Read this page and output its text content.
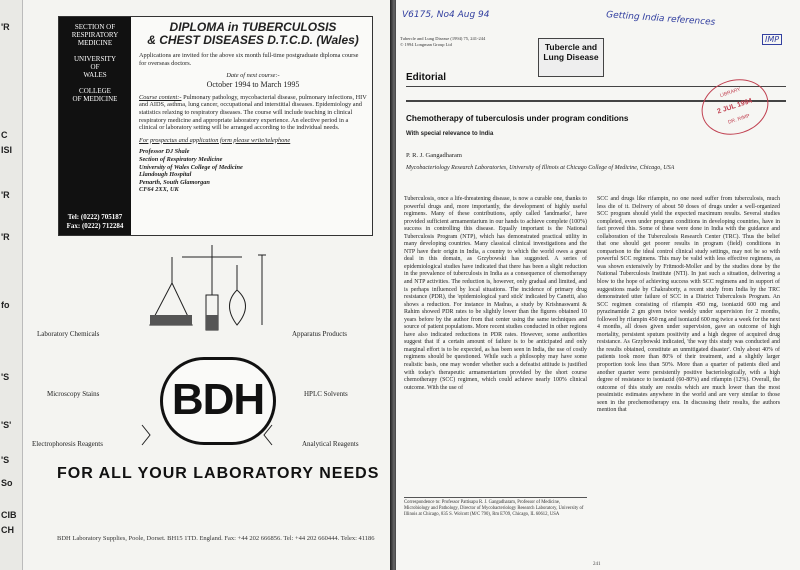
'R
C
ISI
'R
'R
fo
'S
'S'
'S
So
CIB
CH
SECTION OF
RESPIRATORY
MEDICINE
UNIVERSITY
OF
WALES
COLLEGE
OF MEDICINE
Tel: (0222) 705187
Fax: (0222) 712284
DIPLOMA in TUBERCULOSIS
& CHEST DISEASES D.T.C.D. (Wales)
Applications are invited for the above six month full-time postgraduate diploma course for overseas doctors.
Date of next course:-
October 1994 to March 1995
Course content:- Pulmonary pathology, mycobacterial disease, pulmonary infections, HIV and AIDS, asthma, lung cancer, occupational and interstitial diseases. Epidemiology and statistics relaxing to respiratory diseases. The course will include teaching in clinical respiratory medicine and appropriate laboratory experience. An elective period in a clinical or laboratory setting will be arranged according to the individual needs.
For prospectus and application form please write/telephone
Professor DJ Shale
Section of Respiratory Medicine
University of Wales College of Medicine
Llandough Hospital
Penarth, South Glamorgan
CF64 2XX, UK
Laboratory Chemicals	Apparatus Products
Microscopy Stains	HPLC Solvents
Electrophoresis Reagents	Analytical Reagents
BDH
FOR ALL YOUR LABORATORY NEEDS
BDH Laboratory Supplies, Poole, Dorset. BH15 1TD. England. Fax: +44 202 666856. Tel: +44 202 660444. Telex: 41186
V6175, No4 Aug 94	Getting India references
IMP
Tubercle and Lung Disease (1994) 75, 241-244
© 1994 Longman Group Ltd	Tubercle and
Lung Disease
Editorial
LIBRARY
2 JUL 1994
DR. RIMP
Chemotherapy of tuberculosis under program conditions
With special relevance to India
P. R. J. Gangadharam
Mycobacteriology Research Laboratories, University of Illinois at Chicago College of Medicine, Chicago, USA
Tuberculosis, once a life-threatening disease, is now a curable one, thanks to powerful drugs and, more importantly, the development of highly useful regimens. Many of these contributions, aptly called 'landmarks', have provided sufficient armamentarium in our hands to achieve complete (100%) success in controlling this disease. Equally important is the National Tuberculosis Program (NTP), which has demonstrated practical utility in many developing countries. Many classical clinical investigations and the NTP have their origin in India, a country to which the world owes a great deal in this domain, as Grzybowski has suggested. A series of epidemiological studies have indicated that there has been a slight reduction in the prevalence of tuberculosis in India as a consequence of chemotherapy and NTP activities. The reduction is, however, only gradual and limited, and is perhaps influenced by local situations. The incidence of primary drug resistance (PDR), the 'epidemiological yard stick' indicated by Canetti, also shows a reduction. For instance in Madras, a study by Krishnaswami & Rahim showed PDR rates to be slightly lower than the figures obtained 10 years before by the author from that center using the same techniques and source of patient populations. More recent studies conducted in other regions have also indicated reductions in PDR rates. However, some authorities suggest that if a certain amount of failure is to be anticipated and only marginal effort is to be expected, as has been seen in India, the use of costly regimens should be questioned. While such a philosophy may have some realistic basis, one may wonder whether such a defeatist attitude is justified with today's therapeutic armamentarium provided by the short course chemotherapy (SCC) regimen, which could achieve nearly 100% clinical outcome. With the use of
SCC and drugs like rifampin, no one need suffer from tuberculosis, much less die of it. Delivery of about 50 doses of drugs under a well-organized SCC program should yield the expected maximum results. Several studies completed, even under program conditions in developing countries, have in fact proved this. Some of these were done in India with the guidance and collaboration of the Tuberculosis Research Center (TRC). Thus the belief that one should get poorer results in program (field) conditions in comparison to the ideal control clinical study settings, may not be so with powerful SCC regimens. This may be valid with less effective regimens, as was shown extensively by Fritmodt-Moller and by the studies done by the National Tuberculosis Institute (NTI). In just such a situation, delivering a blow to the hope of achieving success with SCC regimens and in support of suggestions made by Chakraborty, a recent study from India by the TRC demonstrated utter failure of SCC in a District Tuberculosis Program. An SCC regimen consisting of rifampin 450 mg, isoniazid 600 mg and pyrazinamide 2 gm given twice weekly under supervision for 2 months, followed by rifampin 450 mg and isoniazid 600 mg twice a week for the next 4 months, all doses given under supervision, gave an outcome of high mortality, persistent sputum positivity and a high degree of acquired drug resistance. As Grzybowski indicated, 'the way this study was conducted and the results obtained, constitute an unmitigated disaster'. Only about 40% of patients took more than 80% of their treatment, and a slightly larger proportion took less than 50%. More than a quarter of patients died and another quarter were persistently positive bacteriologically, with a high degree of resistance to isoniazid (60-80%) and rifampin (12%). Overall, the outcome of this study are results which are much lower than the most pessimistic estimates anywhere in the world and are very similar to those seen in the prechemotherapy era. In discussing their results, the authors mention that
Correspondence to: Professor Pattisapu R. J. Gangadharam, Professor of Medicine, Microbiology and Pathology, Director of Mycobacteriology Research Laboratory, University of Illinois at Chicago, 835 S. Wolcott (M/C 790), Rm E709, Chicago, IL 60612, USA
241
